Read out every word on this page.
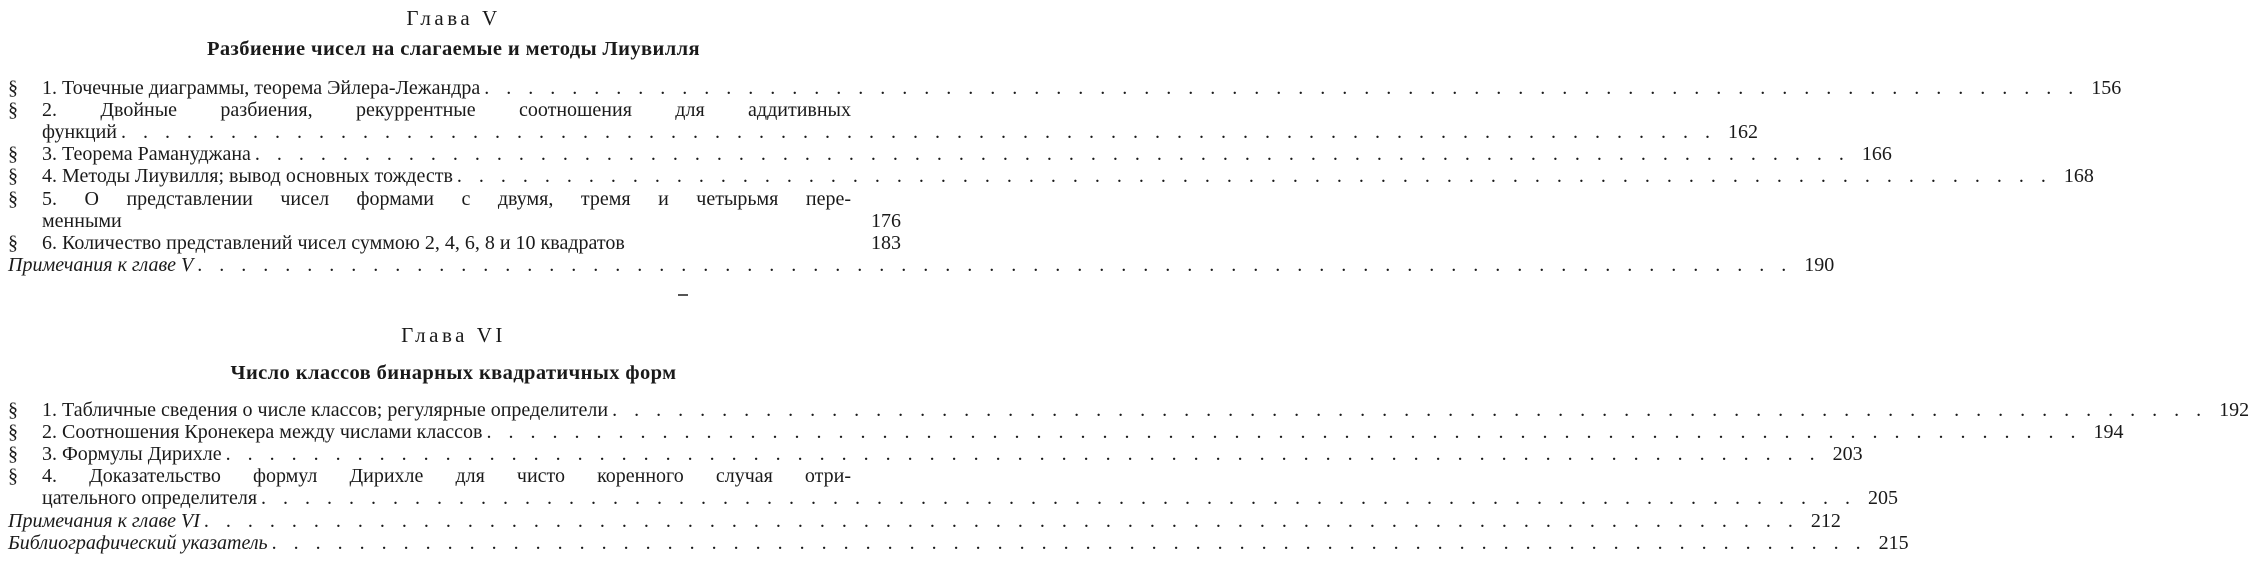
Глава V
Разбиение чисел на слагаемые и методы Лиувилля
§	1. Точечные диаграммы, теорема Эйлера-Лежандра . . .	156
§	2. Двойные разбиения, рекуррентные соотношения для аддитивных
функций . . .	162
§	3. Теорема Рамануджана . . .	166
§	4. Методы Лиувилля; вывод основных тождеств . . .	168
§	5. О представлении чисел формами с двумя, тремя и четырьмя пере-
менными	176
§	6. Количество представлений чисел суммою 2, 4, 6, 8 и 10 квадратов	183
Примечания к главе V . . .	190
Глава VI
Число классов бинарных квадратичных форм
§	1. Табличные сведения о числе классов; регулярные определители . . .	192
§	2. Соотношения Кронекера между числами классов . . .	194
§	3. Формулы Дирихле . . .	203
§	4. Доказательство формул Дирихле для чисто коренного случая отри-
цательного определителя . . .	205
Примечания к главе VI . . .	212
Библиографический указатель . . .	215
